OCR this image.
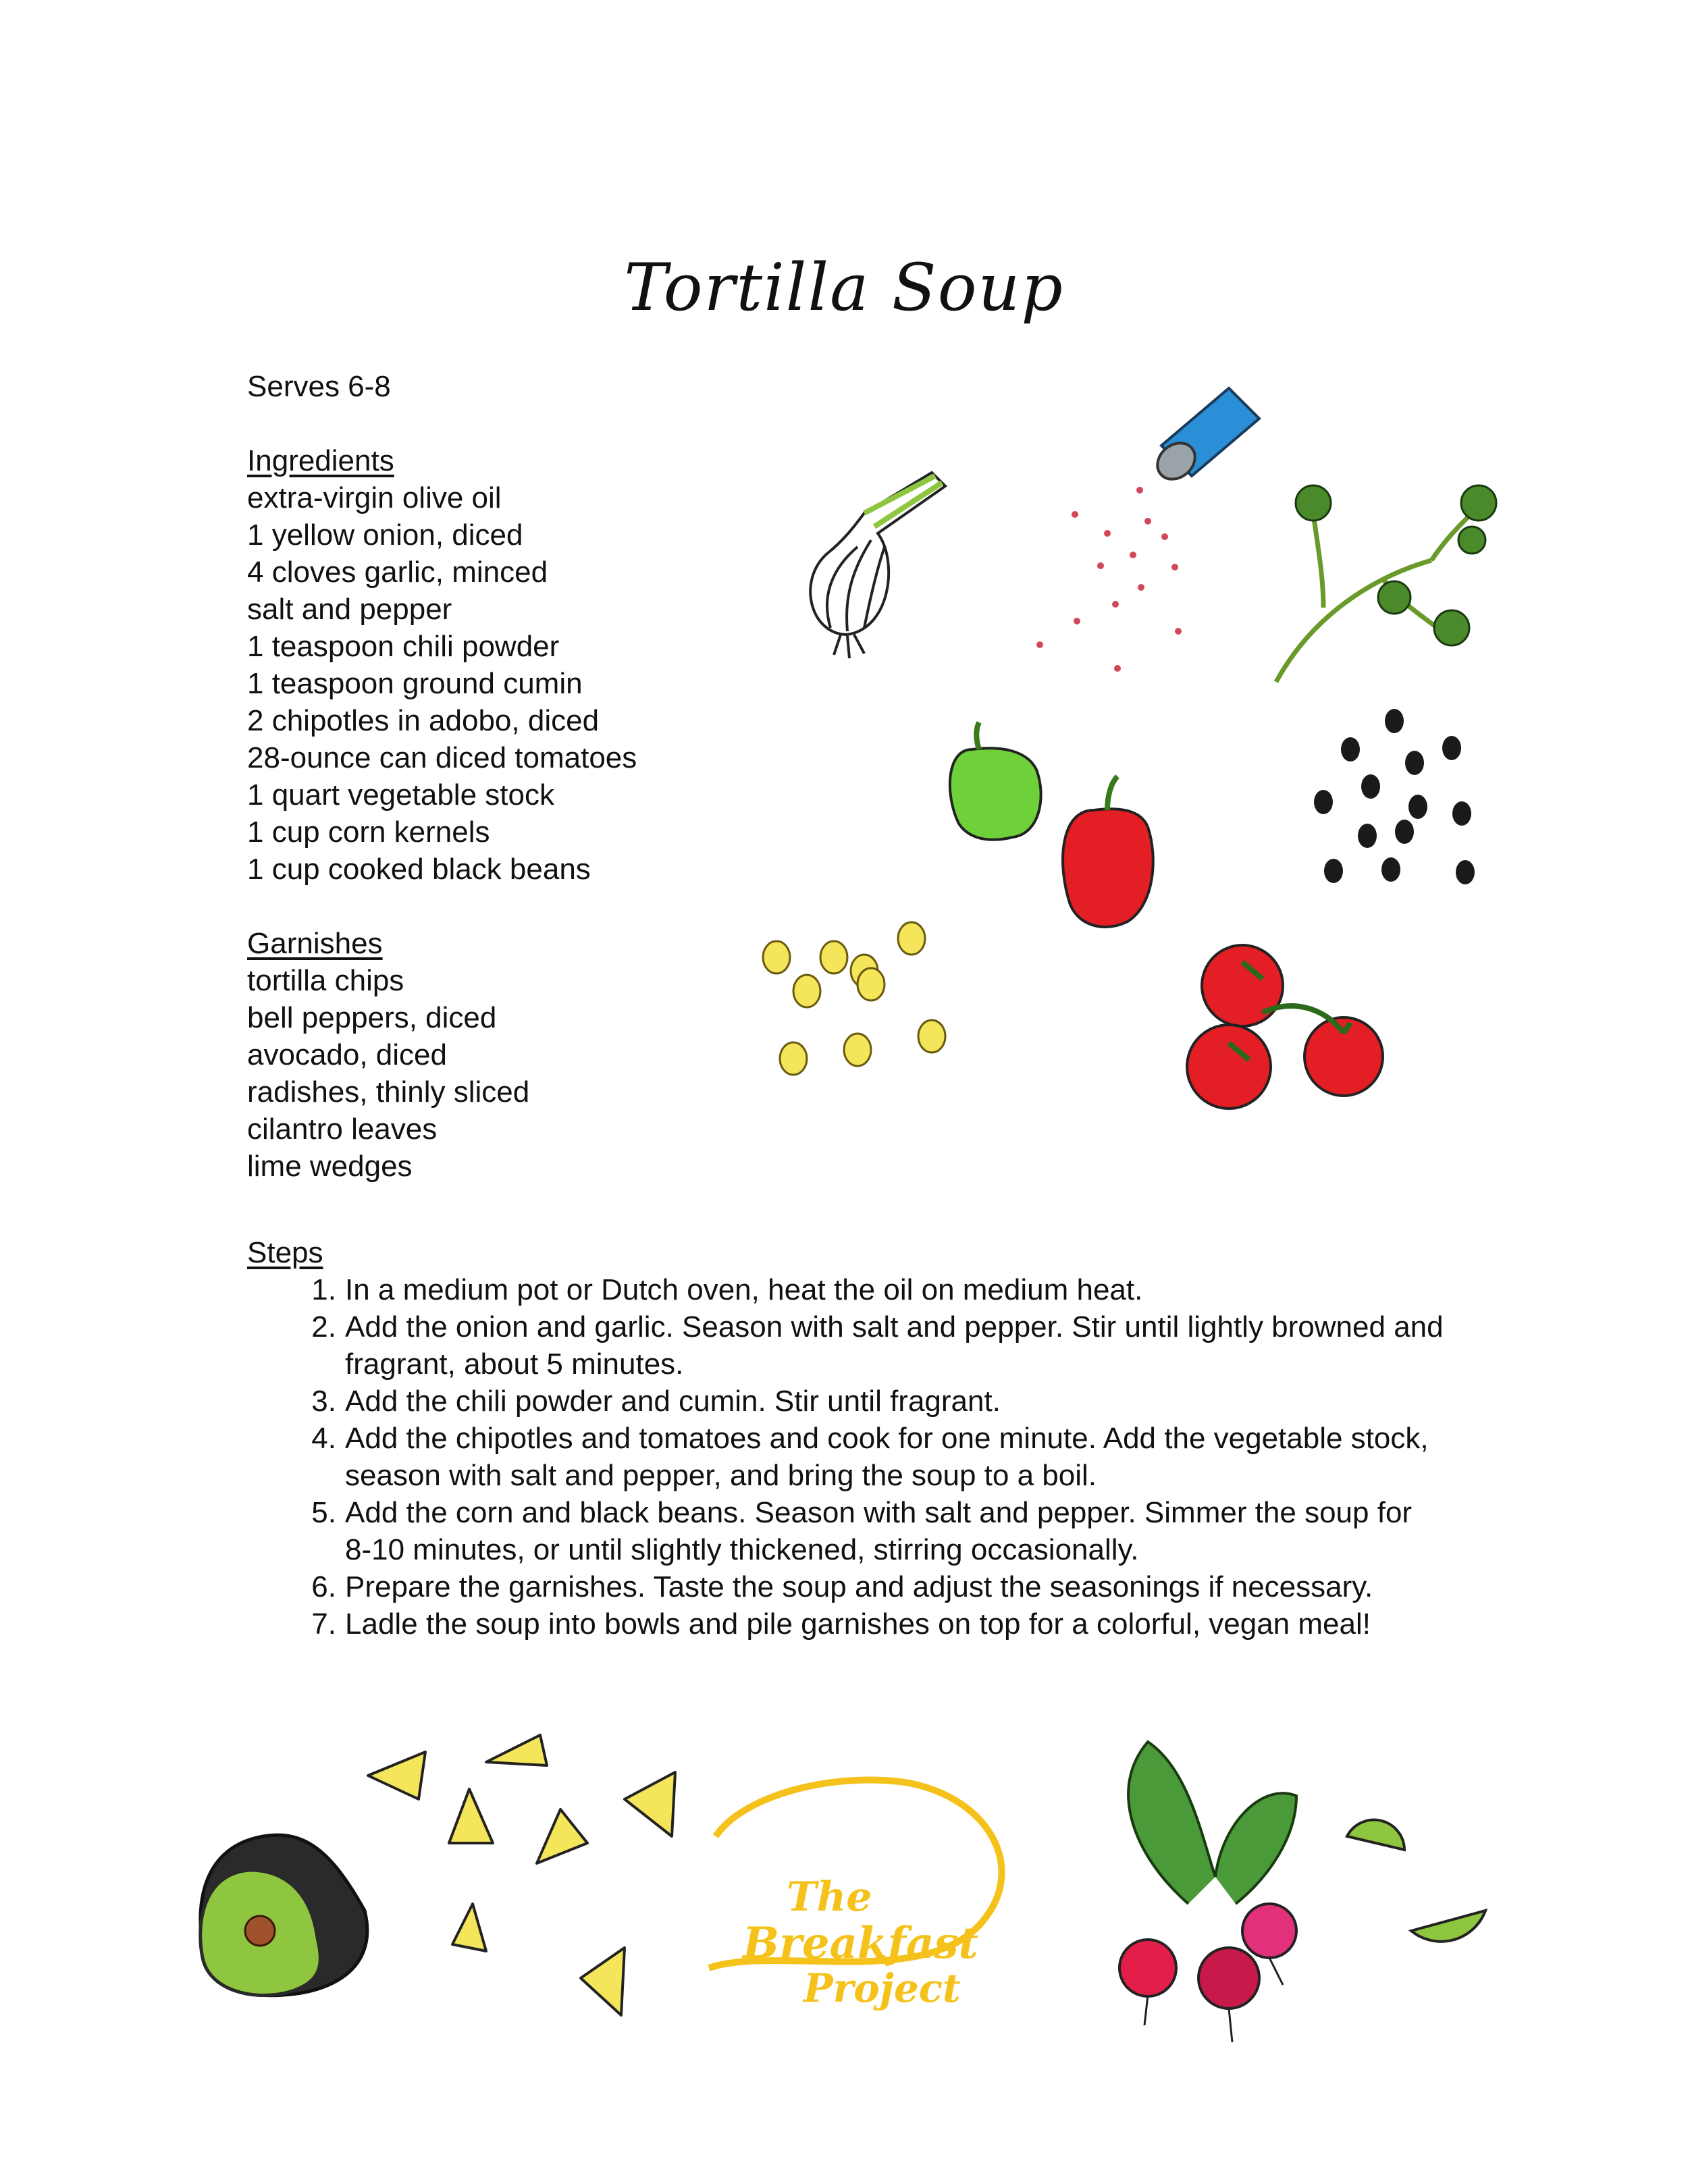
Tortilla Soup
Serves 6-8
Ingredients
extra-virgin olive oil
1 yellow onion, diced
4 cloves garlic, minced
salt and pepper
1 teaspoon chili powder
1 teaspoon ground cumin
2 chipotles in adobo, diced
28-ounce can diced tomatoes
1 quart vegetable stock
1 cup corn kernels
1 cup cooked black beans
Garnishes
tortilla chips
bell peppers, diced
avocado, diced
radishes, thinly sliced
cilantro leaves
lime wedges
Steps
1. In a medium pot or Dutch oven, heat the oil on medium heat.
2. Add the onion and garlic. Season with salt and pepper. Stir until lightly browned and
fragrant, about 5 minutes.
3. Add the chili powder and cumin. Stir until fragrant.
4. Add the chipotles and tomatoes and cook for one minute. Add the vegetable stock,
season with salt and pepper, and bring the soup to a boil.
5. Add the corn and black beans. Season with salt and pepper. Simmer the soup for
8-10 minutes, or until slightly thickened, stirring occasionally.
6. Prepare the garnishes. Taste the soup and adjust the seasonings if necessary.
7. Ladle the soup into bowls and pile garnishes on top for a colorful, vegan meal!
The
Breakfast
Project
